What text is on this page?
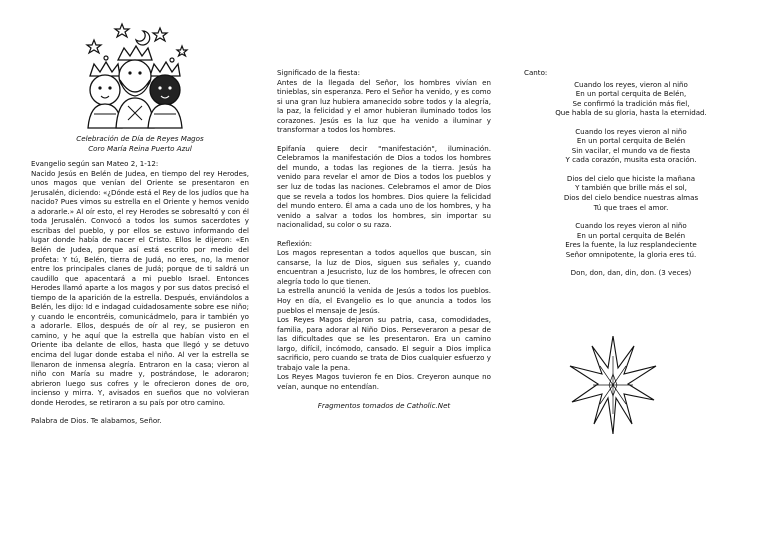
Celebración de Día de Reyes Magos

Coro María Reina Puerto Azul

Evangelio según san Mateo 2, 1-12:

Nacido Jesús en Belén de Judea, en tiempo del rey Herodes, unos magos que venían del Oriente se presentaron en Jerusalén, diciendo: «¿Dónde está el Rey de los judíos que ha nacido? Pues vimos su estrella en el Oriente y hemos venido a adorarle.» Al oír esto, el rey Herodes se sobresaltó y con él toda Jerusalén. Convocó a todos los sumos sacerdotes y escribas del pueblo, y por ellos se estuvo informando del lugar donde había de nacer el Cristo. Ellos le dijeron: «En Belén de Judea, porque así está escrito por medio del profeta: Y tú, Belén, tierra de Judá, no eres, no, la menor entre los principales clanes de Judá; porque de ti saldrá un caudillo que apacentará a mi pueblo Israel. Entonces Herodes llamó aparte a los magos y por sus datos precisó el tiempo de la aparición de la estrella. Después, enviándolos a Belén, les dijo: Id e indagad cuidadosamente sobre ese niño; y cuando le encontréis, comunicádmelo, para ir también yo a adorarle. Ellos, después de oír al rey, se pusieron en camino, y he aquí que la estrella que habían visto en el Oriente iba delante de ellos, hasta que llegó y se detuvo encima del lugar donde estaba el niño. Al ver la estrella se llenaron de inmensa alegría. Entraron en la casa; vieron al niño con María su madre y, postrándose, le adoraron; abrieron luego sus cofres y le ofrecieron dones de oro, incienso y mirra. Y, avisados en sueños que no volvieran donde Herodes, se retiraron a su país por otro camino.

Palabra de Dios. Te alabamos, Señor.

Significado de la fiesta:

Antes de la llegada del Señor, los hombres vivían en tinieblas, sin esperanza. Pero el Señor ha venido, y es como si una gran luz hubiera amanecido sobre todos y la alegría, la paz, la felicidad y el amor hubieran iluminado todos los corazones. Jesús es la luz que ha venido a iluminar y transformar a todos los hombres.

Epifanía quiere decir "manifestación", iluminación. Celebramos la manifestación de Dios a todos los hombres del mundo, a todas las regiones de la tierra. Jesús ha venido para revelar el amor de Dios a todos los pueblos y ser luz de todas las naciones. Celebramos el amor de Dios que se revela a todos los hombres. Dios quiere la felicidad del mundo entero. Él ama a cada uno de los hombres, y ha venido a salvar a todos los hombres, sin importar su nacionalidad, su color o su raza.

Reflexión:

Los magos representan a todos aquellos que buscan, sin cansarse, la luz de Dios, siguen sus señales y, cuando encuentran a Jesucristo, luz de los hombres, le ofrecen con alegría todo lo que tienen.
La estrella anunció la venida de Jesús a todos los pueblos. Hoy en día, el Evangelio es lo que anuncia a todos los pueblos el mensaje de Jesús.
Los Reyes Magos dejaron su patria, casa, comodidades, familia, para adorar al Niño Dios. Perseveraron a pesar de las dificultades que se les presentaron. Era un camino largo, difícil, incómodo, cansado. El seguir a Dios implica sacrificio, pero cuando se trata de Dios cualquier esfuerzo y trabajo vale la pena.
Los Reyes Magos tuvieron fe en Dios. Creyeron aunque no veían, aunque no entendían.

Fragmentos tomados de Catholic.Net

Canto:

Cuando los reyes, vieron al niño

En un portal cerquita de Belén,

Se confirmó la tradición más fiel,

Que habla de su gloria, hasta la eternidad.

Cuando los reyes vieron al niño

En un portal cerquita de Belén

Sin vacilar, el mundo va de fiesta

Y cada corazón, musita esta oración.

Dios del cielo que hiciste la mañana

Y también que brille más el sol,

Dios del cielo bendice nuestras almas

Tú que traes el amor.

Cuando los reyes vieron al niño

En un portal cerquita de Belén

Eres la fuente, la luz resplandeciente

Señor omnipotente, la gloria eres tú.

Don, don, dan, din, don. (3 veces)
